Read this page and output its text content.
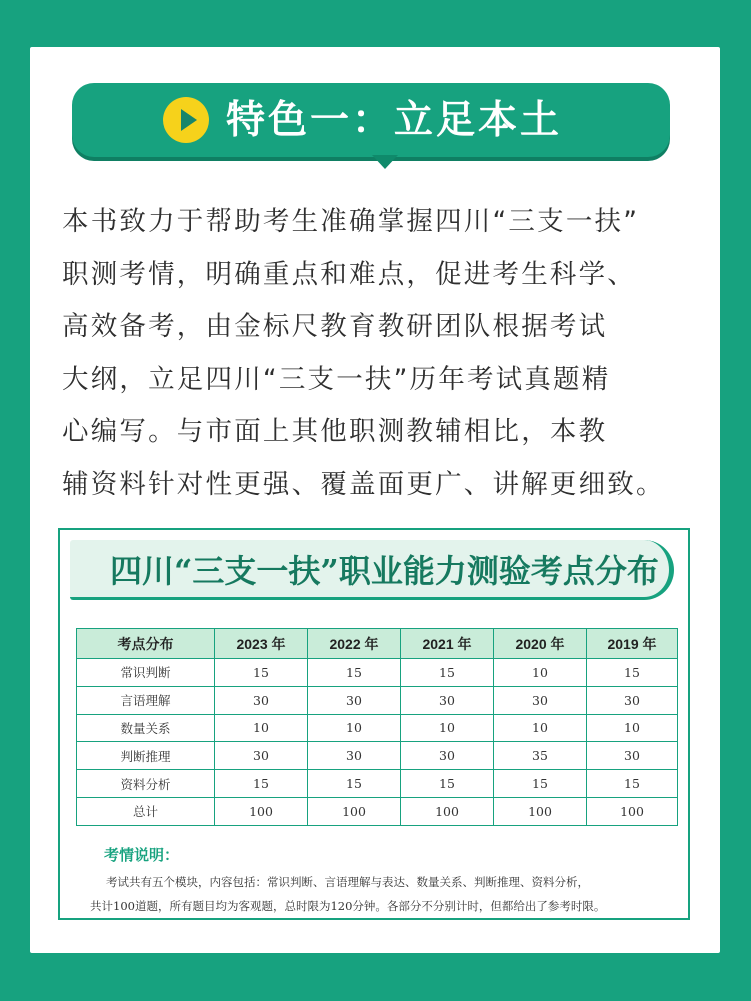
特色一：立足本土

本书致力于帮助考生准确掌握四川“三支一扶”

职测考情，明确重点和难点，促进考生科学、

高效备考，由金标尺教育教研团队根据考试

大纲，立足四川“三支一扶”历年考试真题精

心编写。与市面上其他职测教辅相比，本教

辅资料针对性更强、覆盖面更广、讲解更细致。

四川“三支一扶”职业能力测验考点分布
考点分布	2023 年	2022 年	2021 年	2020 年	2019 年
常识判断	15	15	15	10	15
言语理解	30	30	30	30	30
数量关系	10	10	10	10	10
判断推理	30	30	30	35	30
资料分析	15	15	15	15	15
总计	100	100	100	100	100
考情说明：

考试共有五个模块，内容包括：常识判断、言语理解与表达、数量关系、判断推理、资料分析，

共计100道题，所有题目均为客观题，总时限为120分钟。各部分不分别计时，但都给出了参考时限。
